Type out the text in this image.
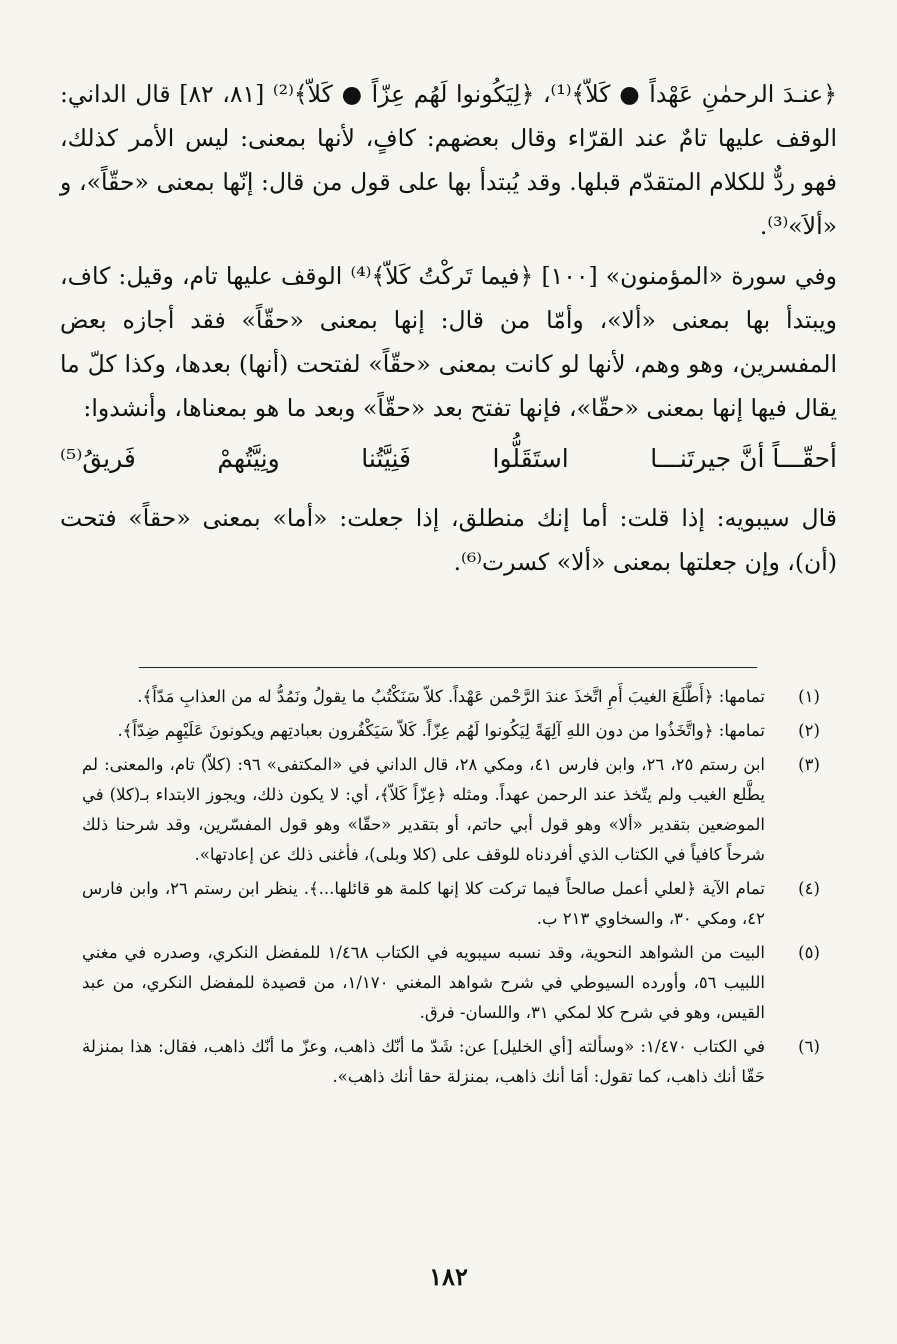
﴿عنـدَ الرحمٰنِ عَهْداً ● كَلاّ﴾⁽¹⁾، ﴿لِيَكُونوا لَهُم عِزّاً ● كَلاّ﴾⁽²⁾ [٨١، ٨٢] قال الداني: الوقف عليها تامٌ عند القرّاء وقال بعضهم: كافٍ، لأنها بمعنى: ليس الأمر كذلك، فهو ردٌّ للكلام المتقدّم قبلها. وقد يُبتدأ بها على قول من قال: إنّها بمعنى «حقّاً»، و «ألاَ»⁽³⁾.

وفي سورة «المؤمنون» [١٠٠] ﴿فيما تَركْتُ كَلاّ﴾⁽⁴⁾ الوقف عليها تام، وقيل: كاف، ويبتدأ بها بمعنى «ألا»، وأمّا من قال: إنها بمعنى «حقّاً» فقد أجازه بعض المفسرين، وهو وهم، لأنها لو كانت بمعنى «حقّاً» لفتحت (أنها) بعدها، وكذا كلّ ما يقال فيها إنها بمعنى «حقّا»، فإنها تفتح بعد «حقّاً» وبعد ما هو بمعناها، وأنشدوا:

أحقّـــاً أنَّ جيرتَنـــا
استَقَلُّوا
فَنِيَّتُنا
ونِيَّتُهمْ
فَريقُ⁽⁵⁾

قال سيبويه: إذا قلت: أما إنك منطلق، إذا جعلت: «أما» بمعنى «حقاً» فتحت (أن)، وإن جعلتها بمعنى «ألا» كسرت⁽⁶⁾.

(١)
تمامها: ﴿أَطَّلَعَ الغيبَ أَمِ اتَّخذَ عندَ الرَّحْمن عَهْداً. كلاّ سَنَكْتُبُ ما يقولُ ونَمُدُّ له من العذابِ مَدّاً﴾.
(٢)
تمامها: ﴿واتَّخَذُوا من دون اللهِ آلِهَةً لِيَكُونوا لَهُم عِزّاً. كَلاّ سَيَكْفُرون بعبادتِهم ويكونونَ عَلَيْهِم ضِدّاً﴾.
(٣)
ابن رستم ٢٥، ٢٦، وابن فارس ٤١، ومكي ٢٨، قال الداني في «المكتفى» ٩٦: (كلاّ) تام، والمعنى: لم يطَّلع الغيب ولم يتّخذ عند الرحمن عهداً. ومثله ﴿عِزّاً كَلاّ﴾، أي: لا يكون ذلك، ويجوز الابتداء بـ(كلا) في الموضعين بتقدير «ألا» وهو قول أبي حاتم، أو بتقدير «حقّا» وهو قول المفسّرين، وقد شرحنا ذلك شرحاً كافياً في الكتاب الذي أفردناه للوقف على (كلا وبلى)، فأغنى ذلك عن إعادتها».
(٤)
تمام الآية ﴿لعلي أعمل صالحاً فيما تركت كلا إنها كلمة هو قائلها...﴾. ينظر ابن رستم ٢٦، وابن فارس ٤٢، ومكي ٣٠، والسخاوي ٢١٣ ب.
(٥)
البيت من الشواهد النحوية، وقد نسبه سيبويه في الكتاب ١/٤٦٨ للمفضل النكري، وصدره في مغني اللبيب ٥٦، وأورده السيوطي في شرح شواهد المغني ١/١٧٠، من قصيدة للمفضل النكري، من عبد القيس، وهو في شرح كلا لمكي ٣١، واللسان- فرق.
(٦)
في الكتاب ١/٤٧٠: «وسألته [أي الخليل] عن: شَدّ ما أنّك ذاهب، وعزّ ما أنّك ذاهب، فقال: هذا بمنزلة حَقّا أنك ذاهب، كما تقول: أمَا أنك ذاهب، بمنزلة حقا أنك ذاهب».
١٨٢
